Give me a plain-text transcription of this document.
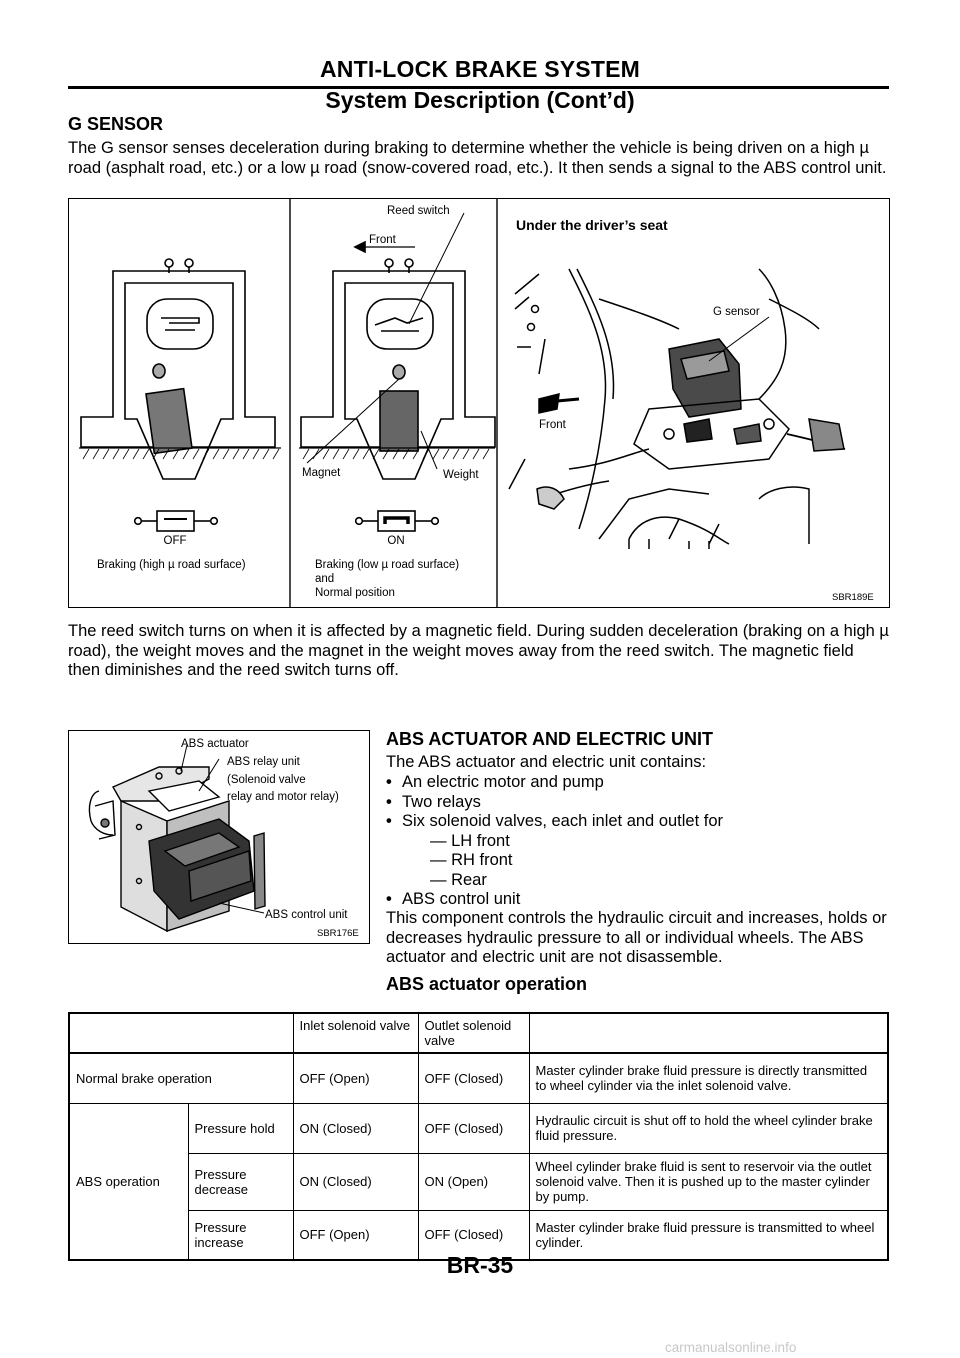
ANTI-LOCK BRAKE SYSTEM
System Description (Cont’d)
G SENSOR

The G sensor senses deceleration during braking to determine whether the vehicle is being driven on a high µ road (asphalt road, etc.) or a low µ road (snow-covered road, etc.). It then sends a signal to the ABS control unit.

OFF
Braking (high µ road surface)
Reed switch
Front
Magnet	Weight
ON
Braking (low µ road surface)
and
Normal position
Under the driver’s seat
G sensor
Front
SBR189E

The reed switch turns on when it is affected by a magnetic field. During sudden deceleration (braking on a high µ road), the weight moves and the magnet in the weight moves away from the reed switch. The magnetic field then diminishes and the reed switch turns off.

ABS actuator
ABS relay unit
(Solenoid valve
relay and motor relay)
ABS control unit
SBR176E
ABS ACTUATOR AND ELECTRIC UNIT

The ABS actuator and electric unit contains:

• An electric motor and pump
• Two relays
• Six solenoid valves, each inlet and outlet for
— LH front
— RH front
— Rear
• ABS control unit

This component controls the hydraulic circuit and increases, holds or decreases hydraulic pressure to all or individual wheels. The ABS actuator and electric unit are not disassemble.

ABS actuator operation
		Inlet solenoid valve	Outlet solenoid valve	
Normal brake operation		OFF (Open)	OFF (Closed)	Master cylinder brake fluid pressure is directly transmitted to wheel cylinder via the inlet solenoid valve.
ABS operation	Pressure hold	ON (Closed)	OFF (Closed)	Hydraulic circuit is shut off to hold the wheel cylinder brake fluid pressure.
	Pressure decrease	ON (Closed)	ON (Open)	Wheel cylinder brake fluid is sent to reservoir via the outlet solenoid valve. Then it is pushed up to the master cylinder by pump.
	Pressure increase	OFF (Open)	OFF (Closed)	Master cylinder brake fluid pressure is transmitted to wheel cylinder.
BR-35
carmanualsonline.info
